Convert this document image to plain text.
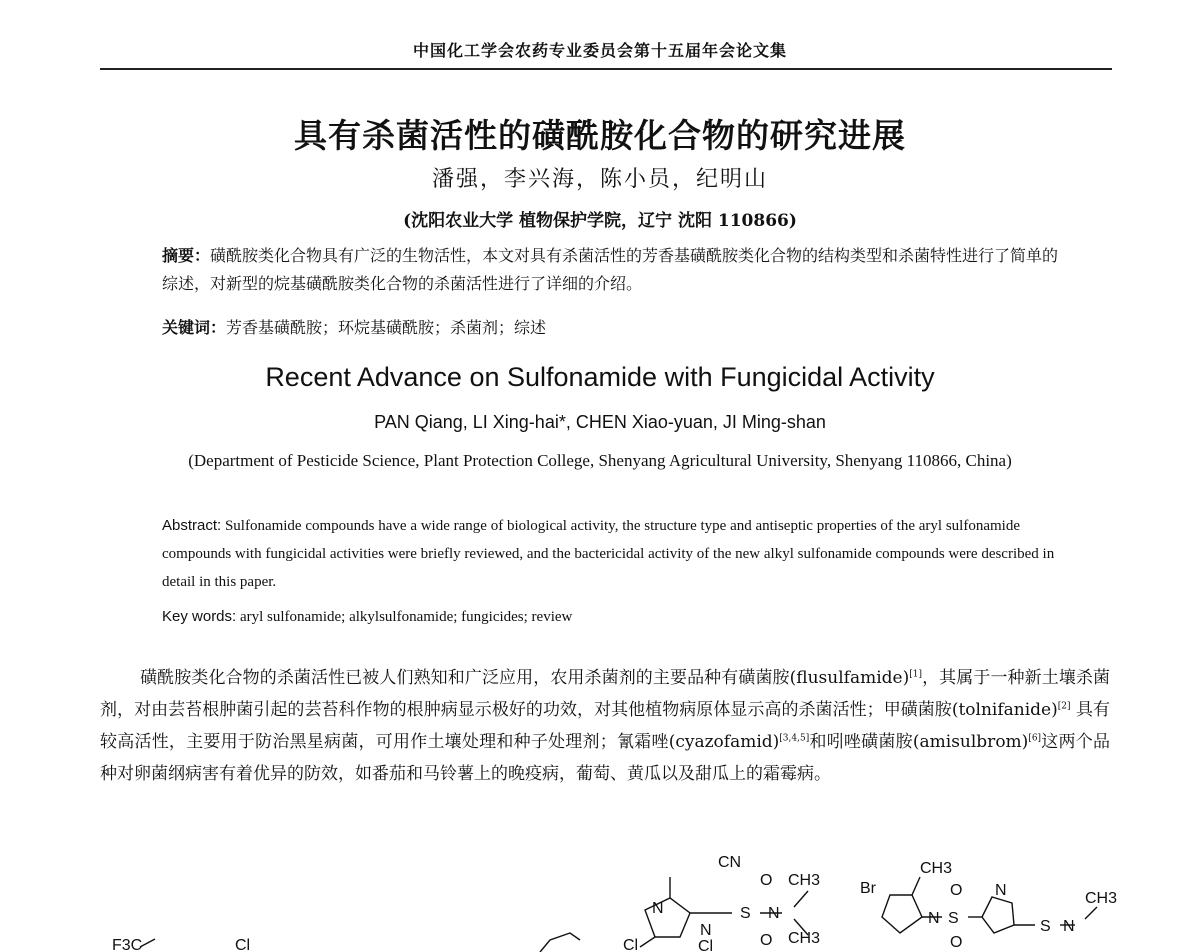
中国化工学会农药专业委员会第十五届年会论文集
具有杀菌活性的磺酰胺化合物的研究进展
潘强，李兴海，陈小员，纪明山
(沈阳农业大学 植物保护学院，辽宁 沈阳 110866)
摘要：磺酰胺类化合物具有广泛的生物活性，本文对具有杀菌活性的芳香基磺酰胺类化合物的结构类型和杀菌特性进行了简单的综述，对新型的烷基磺酰胺类化合物的杀菌活性进行了详细的介绍。
关键词：芳香基磺酰胺；环烷基磺酰胺；杀菌剂；综述
Recent Advance on Sulfonamide with Fungicidal Activity
PAN Qiang, LI Xing-hai*, CHEN Xiao-yuan, JI Ming-shan
(Department of Pesticide Science, Plant Protection College, Shenyang Agricultural University, Shenyang 110866, China)
Abstract: Sulfonamide compounds have a wide range of biological activity, the structure type and antiseptic properties of the aryl sulfonamide compounds with fungicidal activities were briefly reviewed, and the bactericidal activity of the new alkyl sulfonamide compounds were described in detail in this paper.
Key words: aryl sulfonamide; alkylsulfonamide; fungicides; review
磺酰胺类化合物的杀菌活性已被人们熟知和广泛应用，农用杀菌剂的主要品种有磺菌胺(flusulfamide)[1]，其属于一种新土壤杀菌剂，对由芸苔根肿菌引起的芸苔科作物的根肿病显示极好的功效，对其他植物病原体显示高的杀菌活性；甲磺菌胺(tolnifanide)[2] 具有较高活性，主要用于防治黑星病菌，可用作土壤处理和种子处理剂；氰霜唑(cyazofamid)[3,4,5]和吲唑磺菌胺(amisulbrom)[6]这两个品种对卵菌纲病害有着优异的防效，如番茄和马铃薯上的晚疫病，葡萄、黄瓜以及甜瓜上的霜霉病。
F3C	Cl	Cl
CN
N
N
O
S N
CH3
O CH3
Cl
Br
CH3
N S
N
O
O
S N
CH3
